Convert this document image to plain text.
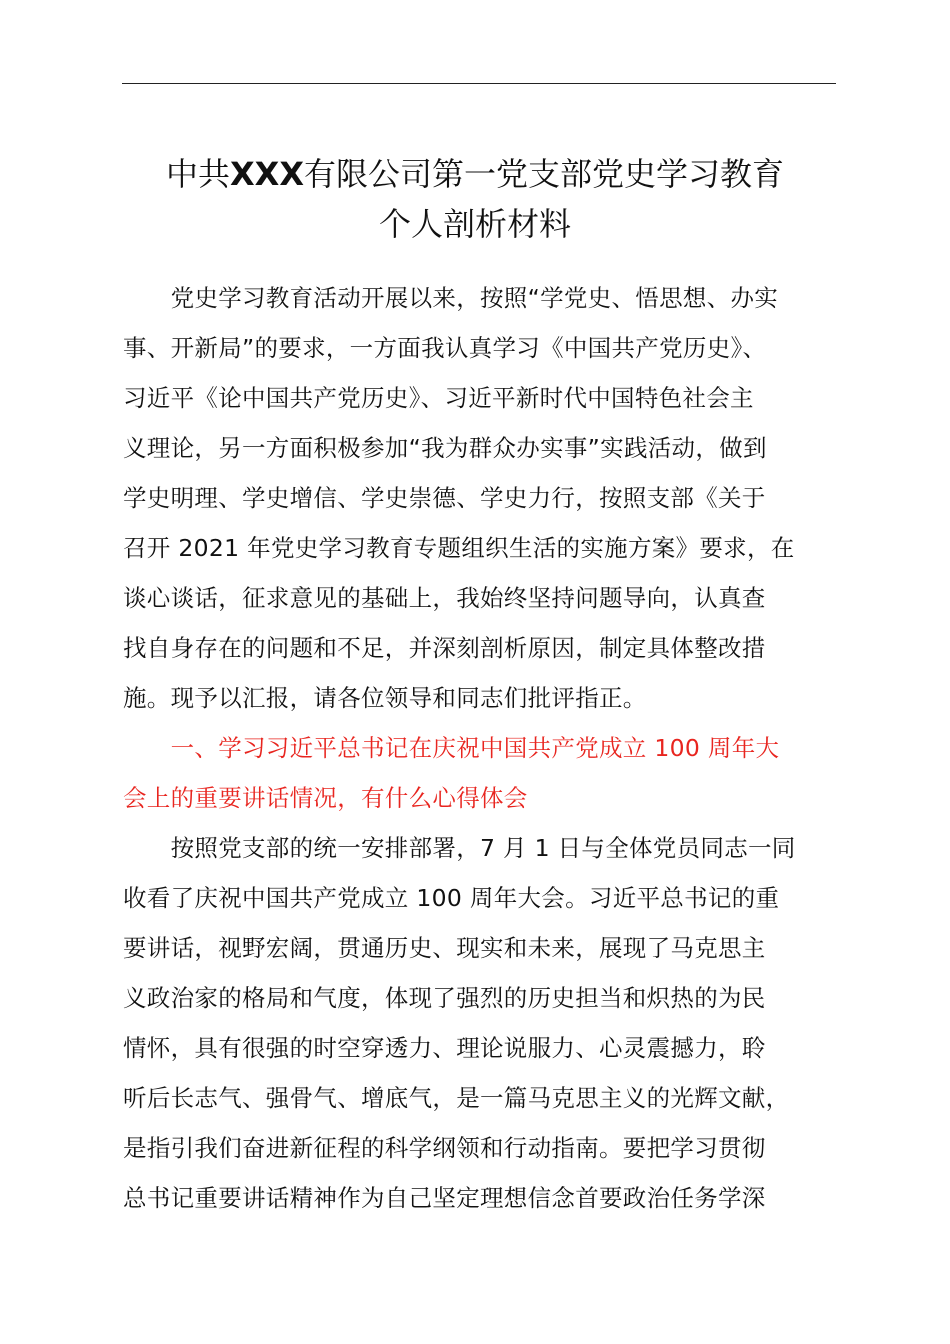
中共XXX有限公司第一党支部党史学习教育
个人剖析材料
　　党史学习教育活动开展以来，按照“学党史、悟思想、办实
事、开新局”的要求，一方面我认真学习《中国共产党历史》、
习近平《论中国共产党历史》、习近平新时代中国特色社会主
义理论，另一方面积极参加“我为群众办实事”实践活动，做到
学史明理、学史增信、学史崇德、学史力行，按照支部《关于
召开 2021 年党史学习教育专题组织生活的实施方案》要求，在
谈心谈话，征求意见的基础上，我始终坚持问题导向，认真查
找自身存在的问题和不足，并深刻剖析原因，制定具体整改措
施。现予以汇报，请各位领导和同志们批评指正。
　　一、学习习近平总书记在庆祝中国共产党成立 100 周年大
会上的重要讲话情况，有什么心得体会
　　按照党支部的统一安排部署，7 月 1 日与全体党员同志一同
收看了庆祝中国共产党成立 100 周年大会。习近平总书记的重
要讲话，视野宏阔，贯通历史、现实和未来，展现了马克思主
义政治家的格局和气度，体现了强烈的历史担当和炽热的为民
情怀，具有很强的时空穿透力、理论说服力、心灵震撼力，聆
听后长志气、强骨气、增底气，是一篇马克思主义的光辉文献，
是指引我们奋进新征程的科学纲领和行动指南。要把学习贯彻
总书记重要讲话精神作为自己坚定理想信念首要政治任务学深
